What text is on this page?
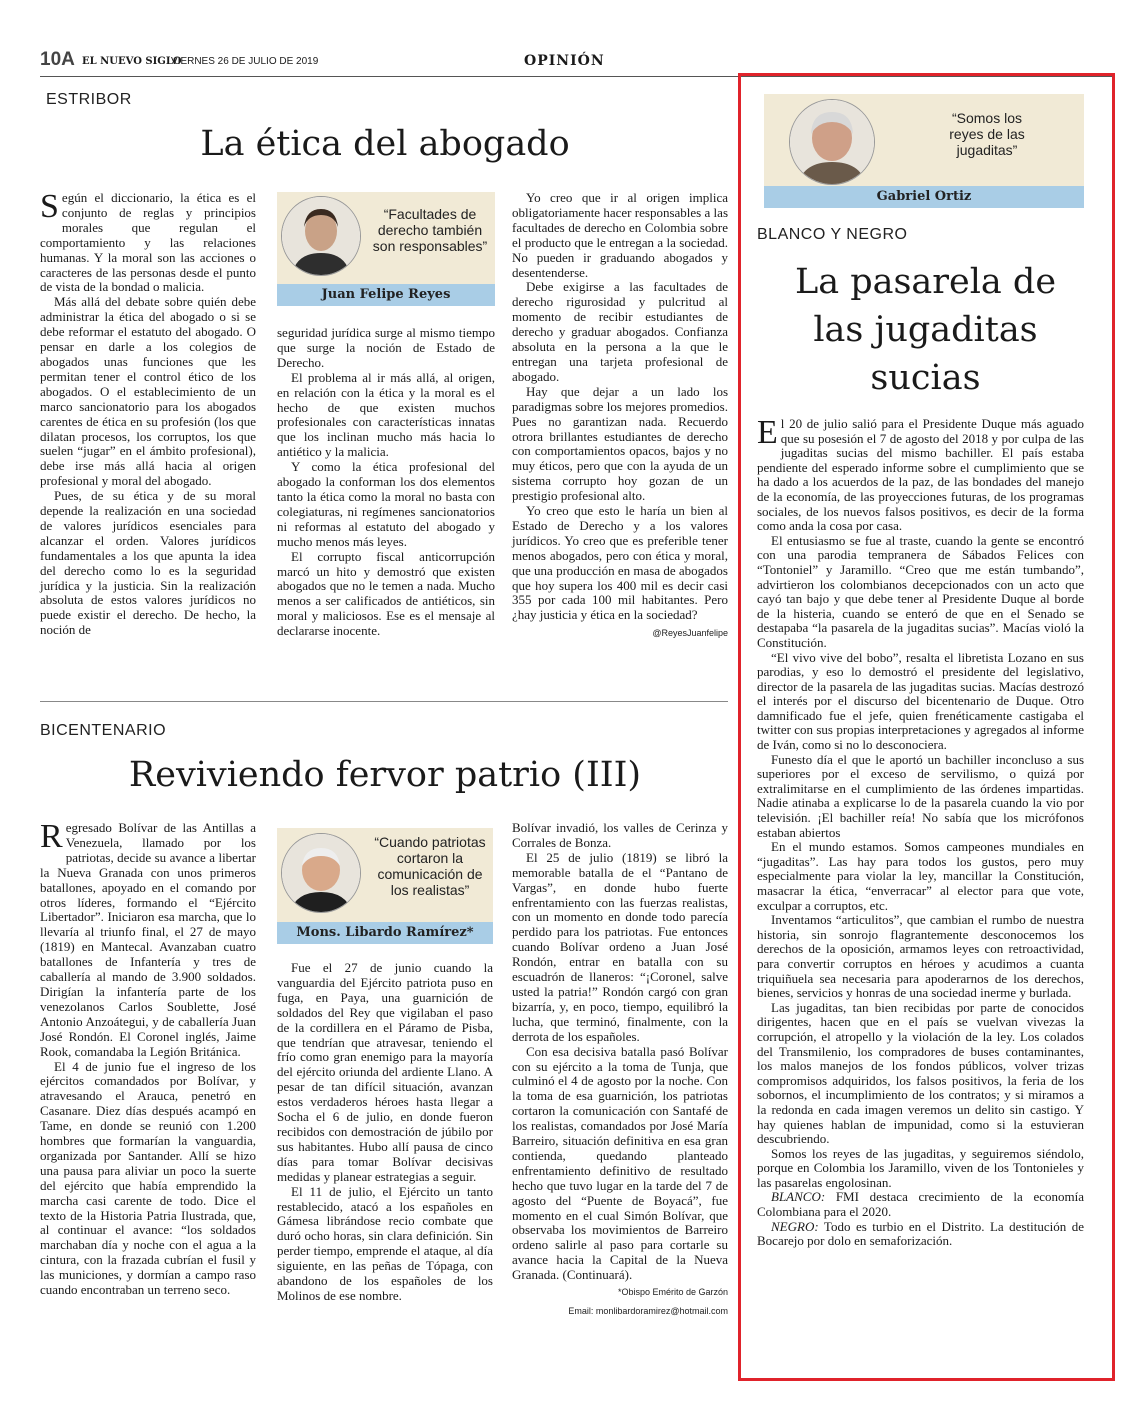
10A EL NUEVO SIGLO
VIERNES 26 DE JULIO DE 2019	OPINIÓN
ESTRIBOR
La ética del abogado

Según el diccionario, la ética es el conjunto de reglas y principios morales que regulan el comportamiento y las relaciones humanas. Y la moral son las acciones o caracteres de las personas desde el punto de vista de la bondad o malicia.

Más allá del debate sobre quién debe administrar la ética del abogado o si se debe reformar el estatuto del abogado. O pensar en darle a los colegios de abogados unas funciones que les permitan tener el control ético de los abogados. O el establecimiento de un marco sancionatorio para los abogados carentes de ética en su profesión (los que dilatan procesos, los corruptos, los que suelen “jugar” en el ámbito profesional), debe irse más allá hacia al origen profesional y moral del abogado.

Pues, de su ética y de su moral depende la realización en una sociedad de valores jurídicos esenciales para alcanzar el orden. Valores jurídicos fundamentales a los que apunta la idea del derecho como lo es la seguridad jurídica y la justicia. Sin la realización absoluta de estos valores jurídicos no puede existir el derecho. De hecho, la noción de

“Facultades de derecho también son responsables”
Juan Felipe Reyes

seguridad jurídica surge al mismo tiempo que surge la noción de Estado de Derecho.

El problema al ir más allá, al origen, en relación con la ética y la moral es el hecho de que existen muchos profesionales con características innatas que los inclinan mucho más hacia lo antiético y la malicia.

Y como la ética profesional del abogado la conforman los dos elementos tanto la ética como la moral no basta con colegiaturas, ni regímenes sancionatorios ni reformas al estatuto del abogado y mucho menos más leyes.

El corrupto fiscal anticorrupción marcó un hito y demostró que existen abogados que no le temen a nada. Mucho menos a ser calificados de antiéticos, sin moral y maliciosos. Ese es el mensaje al declararse inocente.

Yo creo que ir al origen implica obligatoriamente hacer responsables a las facultades de derecho en Colombia sobre el producto que le entregan a la sociedad. No pueden ir graduando abogados y desentenderse.

Debe exigirse a las facultades de derecho rigurosidad y pulcritud al momento de recibir estudiantes de derecho y graduar abogados. Confianza absoluta en la persona a la que le entregan una tarjeta profesional de abogado.

Hay que dejar a un lado los paradigmas sobre los mejores promedios. Pues no garantizan nada. Recuerdo otrora brillantes estudiantes de derecho con comportamientos opacos, bajos y no muy éticos, pero que con la ayuda de un sistema corrupto hoy gozan de un prestigio profesional alto.

Yo creo que esto le haría un bien al Estado de Derecho y a los valores jurídicos. Yo creo que es preferible tener menos abogados, pero con ética y moral, que una producción en masa de abogados que hoy supera los 400 mil es decir casi 355 por cada 100 mil habitantes. Pero ¿hay justicia y ética en la sociedad?

@ReyesJuanfelipe
BICENTENARIO
Reviviendo fervor patrio (III)

Regresado Bolívar de las Antillas a Venezuela, llamado por los patriotas, decide su avance a libertar la Nueva Granada con unos primeros batallones, apoyado en el comando por otros líderes, formando el “Ejército Libertador”. Iniciaron esa marcha, que lo llevaría al triunfo final, el 27 de mayo (1819) en Mantecal. Avanzaban cuatro batallones de Infantería y tres de caballería al mando de 3.900 soldados. Dirigían la infantería parte de los venezolanos Carlos Soublette, José Antonio Anzoátegui, y de caballería Juan José Rondón. El Coronel inglés, Jaime Rook, comandaba la Legión Británica.

El 4 de junio fue el ingreso de los ejércitos comandados por Bolívar, y atravesando el Arauca, penetró en Casanare. Diez días después acampó en Tame, en donde se reunió con 1.200 hombres que formarían la vanguardia, organizada por Santander. Allí se hizo una pausa para aliviar un poco la suerte del ejército que había emprendido la marcha casi carente de todo. Dice el texto de la Historia Patria Ilustrada, que, al continuar el avance: “los soldados marchaban día y noche con el agua a la cintura, con la frazada cubrían el fusil y las municiones, y dormían a campo raso cuando encontraban un terreno seco.

“Cuando patriotas cortaron la comunicación de los realistas”
Mons. Libardo Ramírez*

Fue el 27 de junio cuando la vanguardia del Ejército patriota puso en fuga, en Paya, una guarnición de soldados del Rey que vigilaban el paso de la cordillera en el Páramo de Pisba, que tendrían que atravesar, teniendo el frío como gran enemigo para la mayoría del ejército oriunda del ardiente Llano. A pesar de tan difícil situación, avanzan estos verdaderos héroes hasta llegar a Socha el 6 de julio, en donde fueron recibidos con demostración de júbilo por sus habitantes. Hubo allí pausa de cinco días para tomar Bolívar decisivas medidas y planear estrategias a seguir.

El 11 de julio, el Ejército un tanto restablecido, atacó a los españoles en Gámesa librándose recio combate que duró ocho horas, sin clara definición. Sin perder tiempo, emprende el ataque, al día siguiente, en las peñas de Tópaga, con abandono de los españoles de los Molinos de ese nombre.

Bolívar invadió, los valles de Cerinza y Corrales de Bonza.

El 25 de julio (1819) se libró la memorable batalla de el “Pantano de Vargas”, en donde hubo fuerte enfrentamiento con las fuerzas realistas, con un momento en donde todo parecía perdido para los patriotas. Fue entonces cuando Bolívar ordeno a Juan José Rondón, entrar en batalla con su escuadrón de llaneros: “¡Coronel, salve usted la patria!” Rondón cargó con gran bizarría, y, en poco, tiempo, equilibró la lucha, que terminó, finalmente, con la derrota de los españoles.

Con esa decisiva batalla pasó Bolívar con su ejército a la toma de Tunja, que culminó el 4 de agosto por la noche. Con la toma de esa guarnición, los patriotas cortaron la comunicación con Santafé de los realistas, comandados por José María Barreiro, situación definitiva en esa gran contienda, quedando planteado enfrentamiento definitivo de resultado hecho que tuvo lugar en la tarde del 7 de agosto del “Puente de Boyacá”, fue momento en el cual Simón Bolívar, que observaba los movimientos de Barreiro ordeno salirle al paso para cortarle su avance hacia la Capital de la Nueva Granada. (Continuará).

*Obispo Emérito de Garzón
Email: monlibardoramirez@hotmail.com
“Somos los reyes de las jugaditas”
Gabriel Ortiz
BLANCO Y NEGRO
La pasarela de
las jugaditas
sucias

El 20 de julio salió para el Presidente Duque más aguado que su posesión el 7 de agosto del 2018 y por culpa de las jugaditas sucias del mismo bachiller. El país estaba pendiente del esperado informe sobre el cumplimiento que se ha dado a los acuerdos de la paz, de las bondades del manejo de la economía, de las proyecciones futuras, de los programas sociales, de los nuevos falsos positivos, es decir de la forma como anda la cosa por casa.

El entusiasmo se fue al traste, cuando la gente se encontró con una parodia tempranera de Sábados Felices con “Tontoniel” y Jaramillo. “Creo que me están tumbando”, advirtieron los colombianos decepcionados con un acto que cayó tan bajo y que debe tener al Presidente Duque al borde de la histeria, cuando se enteró de que en el Senado se destapaba “la pasarela de la jugaditas sucias”. Macías violó la Constitución.

“El vivo vive del bobo”, resalta el libretista Lozano en sus parodias, y eso lo demostró el presidente del legislativo, director de la pasarela de las jugaditas sucias. Macías destrozó el interés por el discurso del bicentenario de Duque. Otro damnificado fue el jefe, quien frenéticamente castigaba el twitter con sus propias interpretaciones y agregados al informe de Iván, como si no lo desconociera.

Funesto día el que le aportó un bachiller inconcluso a sus superiores por el exceso de servilismo, o quizá por extralimitarse en el cumplimiento de las órdenes impartidas. Nadie atinaba a explicarse lo de la pasarela cuando la vio por televisión. ¡El bachiller reía! No sabía que los micrófonos estaban abiertos

En el mundo estamos. Somos campeones mundiales en “jugaditas”. Las hay para todos los gustos, pero muy especialmente para violar la ley, mancillar la Constitución, masacrar la ética, “enverracar” al elector para que vote, exculpar a corruptos, etc.

Inventamos “articulitos”, que cambian el rumbo de nuestra historia, sin sonrojo flagrantemente desconocemos los derechos de la oposición, armamos leyes con retroactividad, para convertir corruptos en héroes y acudimos a cuanta triquiñuela sea necesaria para apoderarnos de los derechos, bienes, servicios y honras de una sociedad inerme y burlada.

Las jugaditas, tan bien recibidas por parte de conocidos dirigentes, hacen que en el país se vuelvan vivezas la corrupción, el atropello y la violación de la ley. Los colados del Transmilenio, los compradores de buses contaminantes, los malos manejos de los fondos públicos, volver trizas compromisos adquiridos, los falsos positivos, la feria de los sobornos, el incumplimiento de los contratos; y si miramos a la redonda en cada imagen veremos un delito sin castigo. Y hay quienes hablan de impunidad, como si la estuvieran descubriendo.

Somos los reyes de las jugaditas, y seguiremos siéndolo, porque en Colombia los Jaramillo, viven de los Tontonieles y las pasarelas engolosinan.

BLANCO: FMI destaca crecimiento de la economía Colombiana para el 2020.

NEGRO: Todo es turbio en el Distrito. La destitución de Bocarejo por dolo en semaforización.
